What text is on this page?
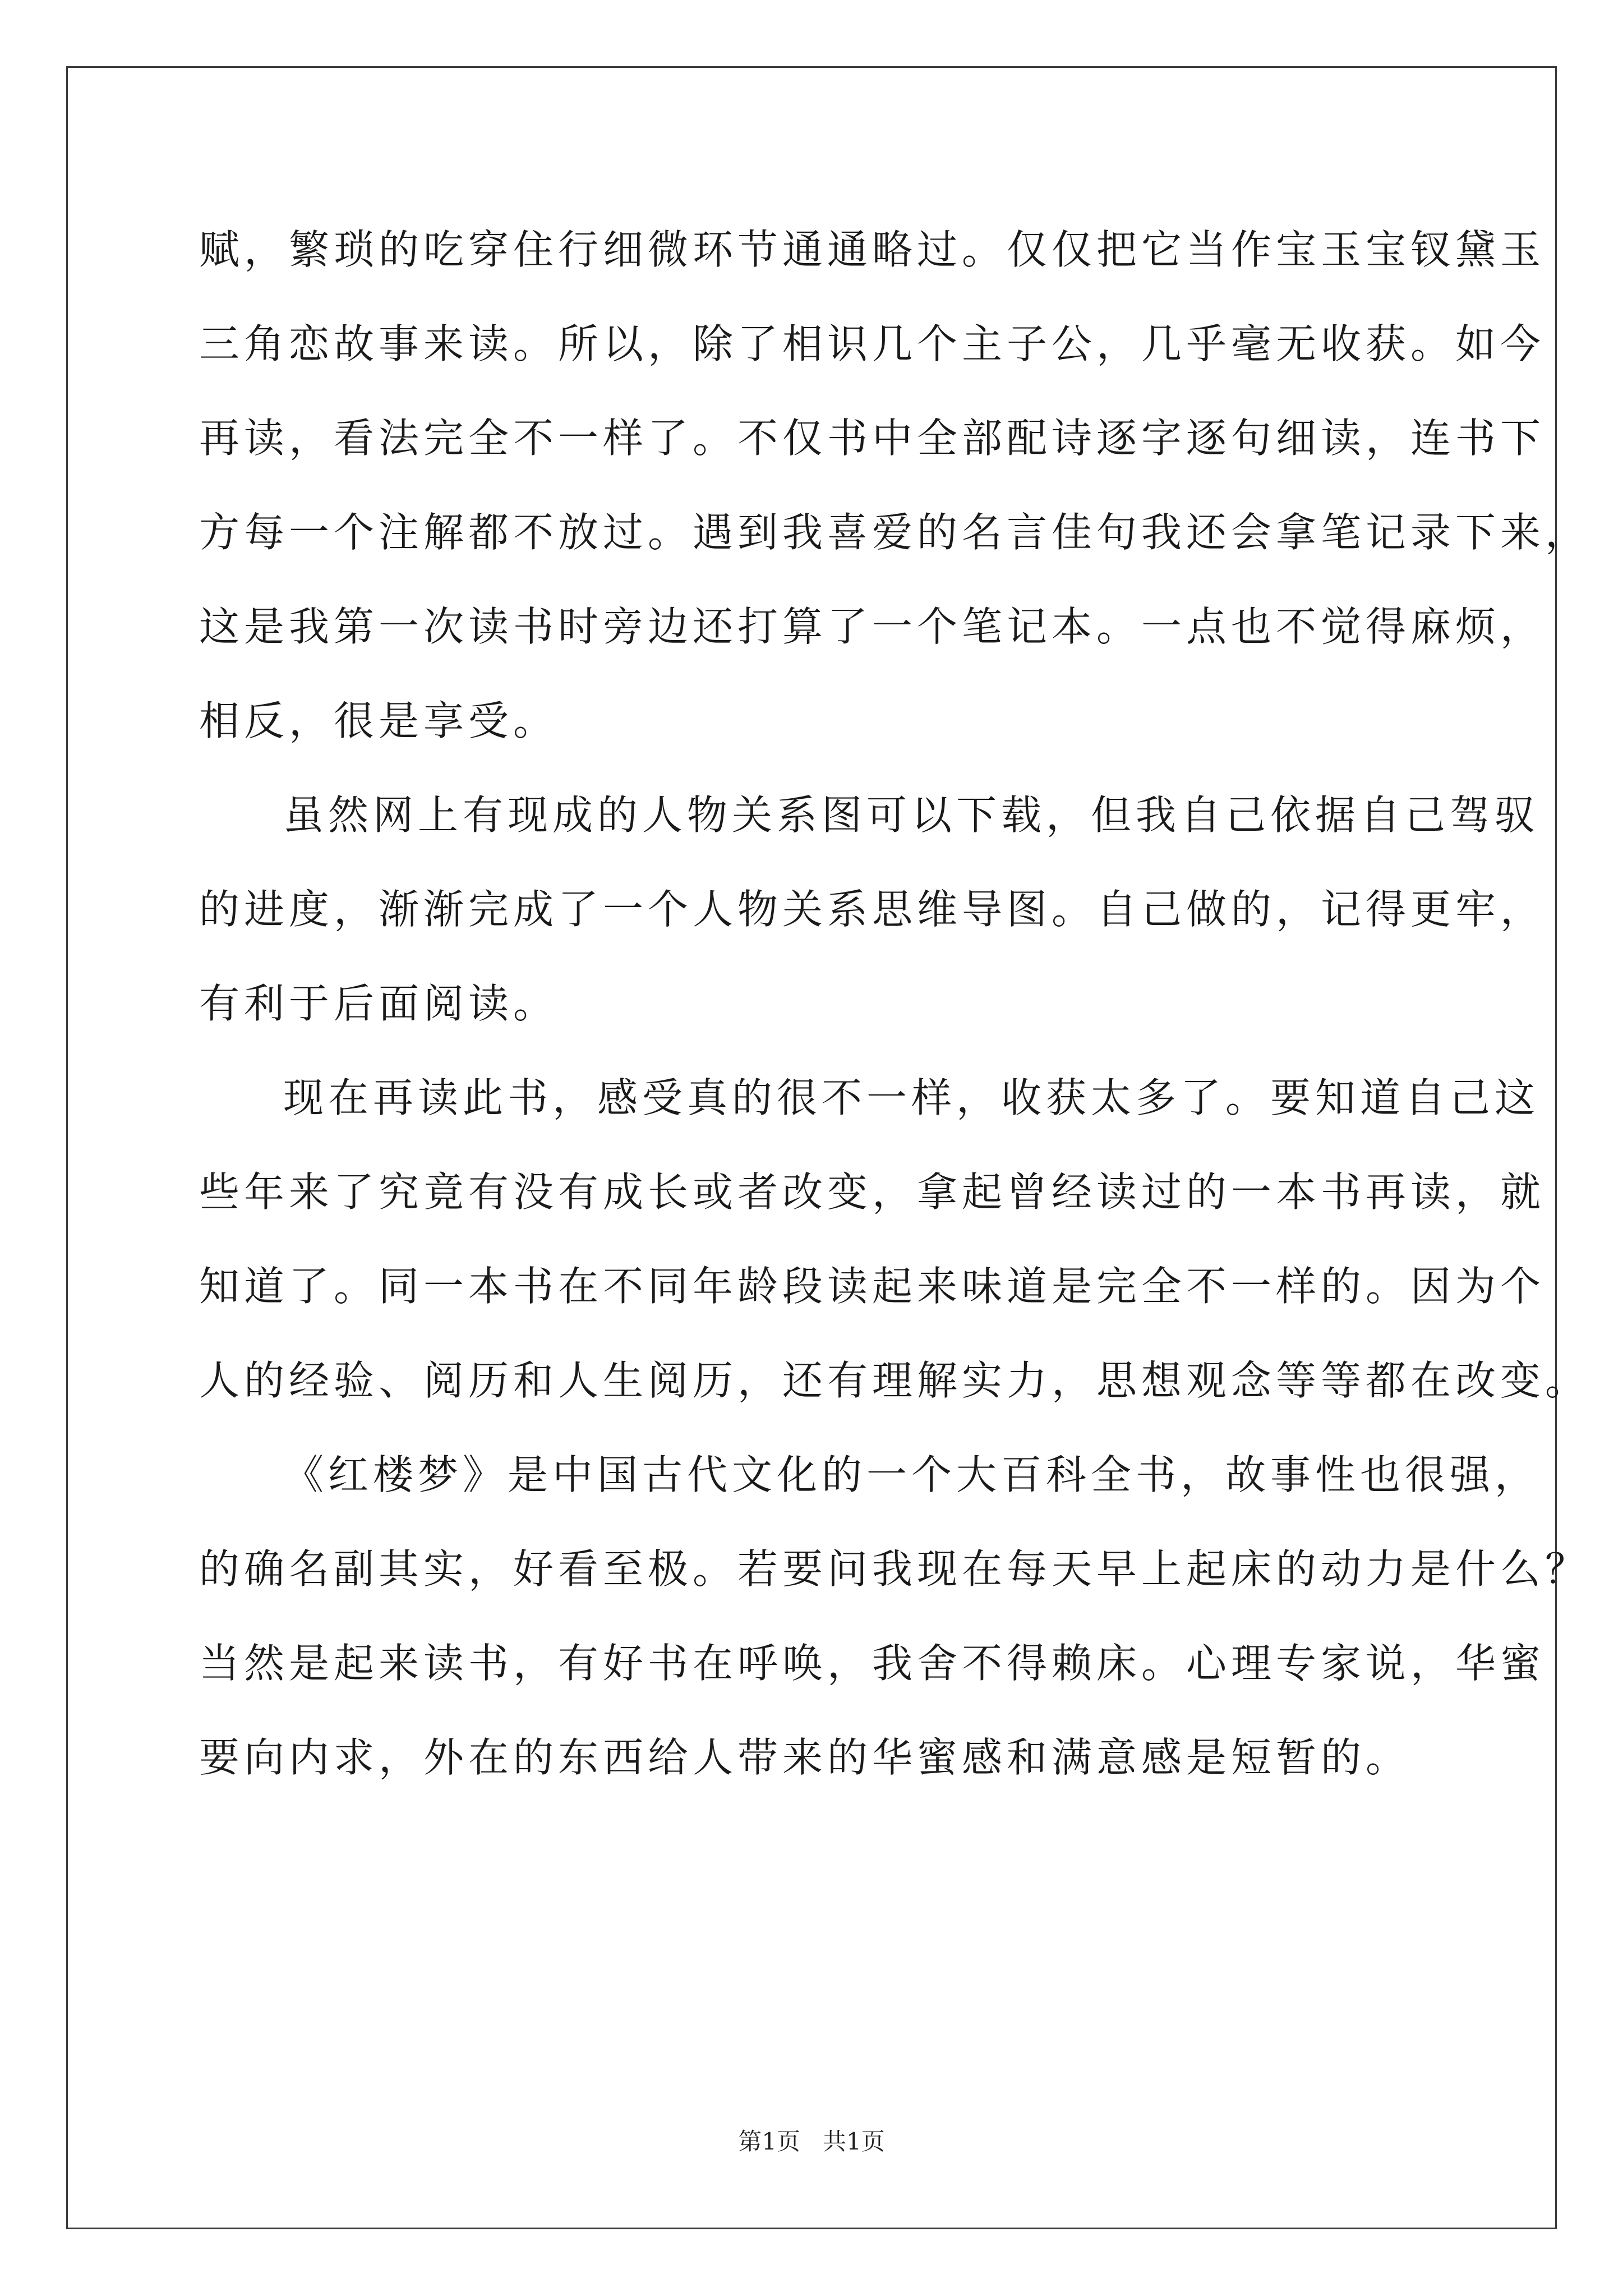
赋，繁琐的吃穿住行细微环节通通略过。仅仅把它当作宝玉宝钗黛玉
三角恋故事来读。所以，除了相识几个主子公，几乎毫无收获。如今
再读，看法完全不一样了。不仅书中全部配诗逐字逐句细读，连书下
方每一个注解都不放过。遇到我喜爱的名言佳句我还会拿笔记录下来，
这是我第一次读书时旁边还打算了一个笔记本。一点也不觉得麻烦，
相反，很是享受。
虽然网上有现成的人物关系图可以下载，但我自己依据自己驾驭
的进度，渐渐完成了一个人物关系思维导图。自己做的，记得更牢，
有利于后面阅读。
现在再读此书，感受真的很不一样，收获太多了。要知道自己这
些年来了究竟有没有成长或者改变，拿起曾经读过的一本书再读，就
知道了。同一本书在不同年龄段读起来味道是完全不一样的。因为个
人的经验、阅历和人生阅历，还有理解实力，思想观念等等都在改变。
《红楼梦》是中国古代文化的一个大百科全书，故事性也很强，
的确名副其实，好看至极。若要问我现在每天早上起床的动力是什么？
当然是起来读书，有好书在呼唤，我舍不得赖床。心理专家说，华蜜
要向内求，外在的东西给人带来的华蜜感和满意感是短暂的。
第1页 共1页
